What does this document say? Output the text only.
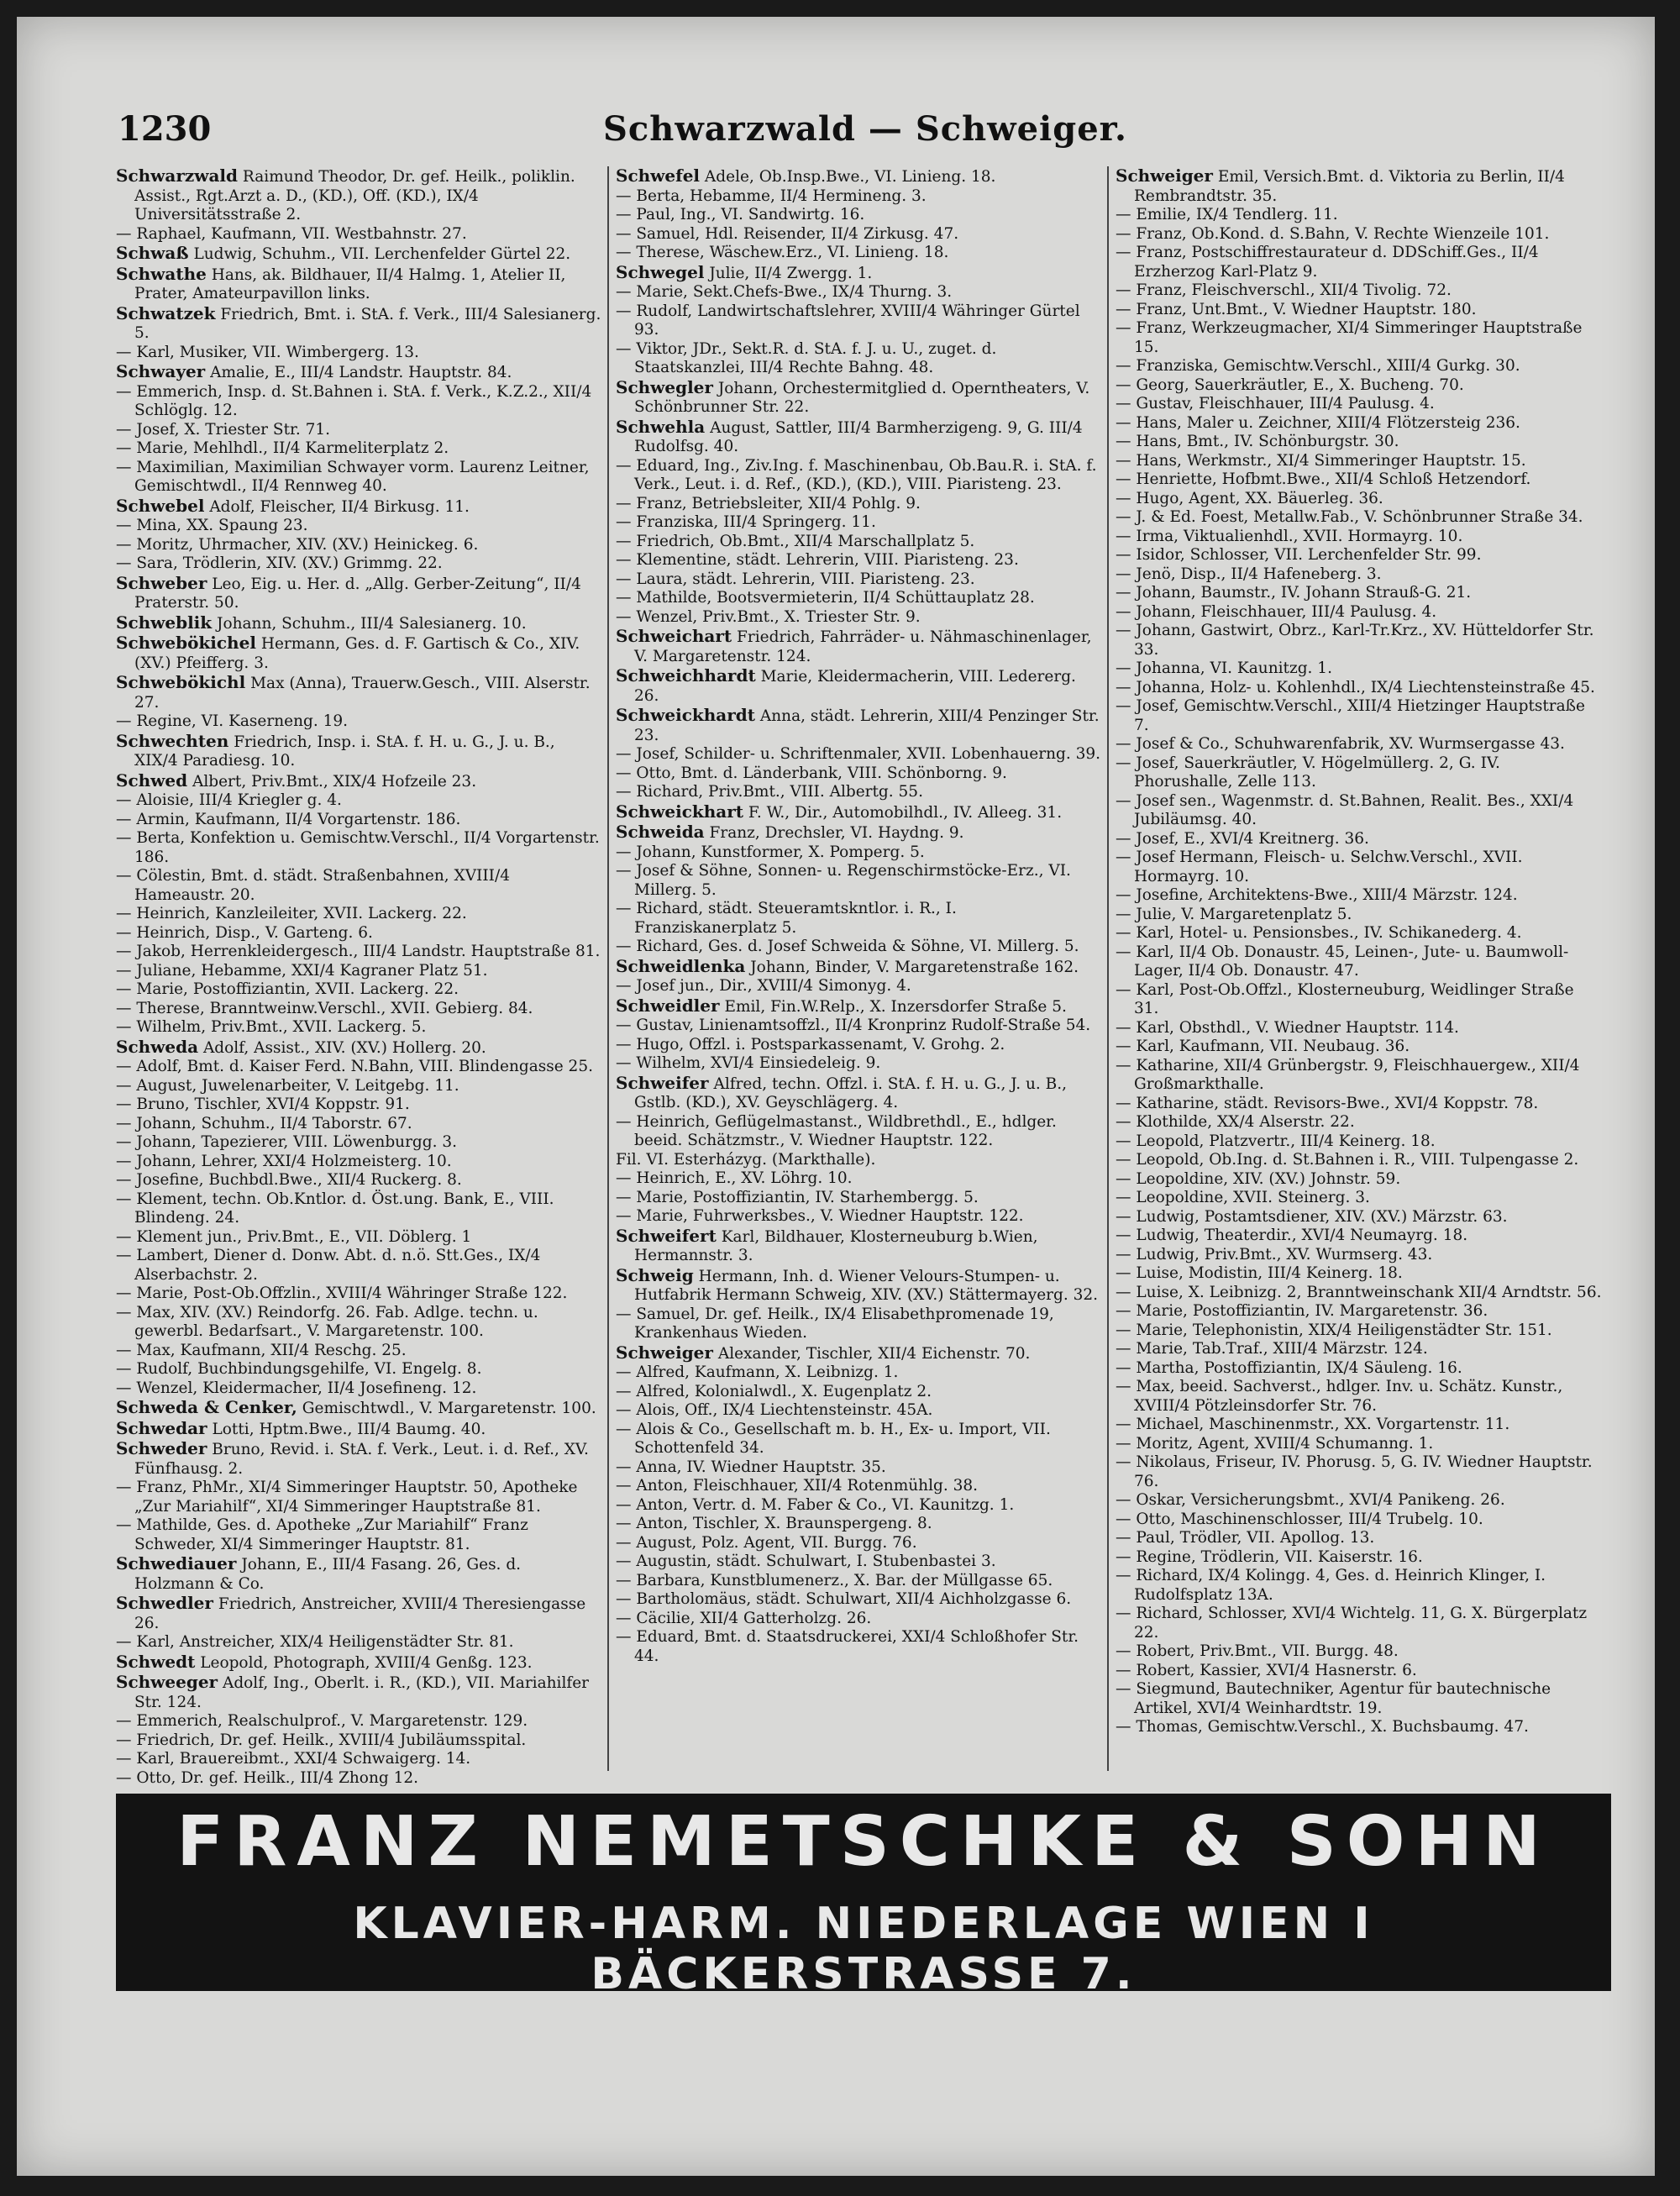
1230	Schwarzwald — Schweiger.

Schwarzwald Raimund Theodor, Dr. gef. Heilk., poliklin. Assist., Rgt.Arzt a. D., (KD.), Off. (KD.), IX/4 Universitätsstraße 2.

— Raphael, Kaufmann, VII. Westbahnstr. 27.

Schwaß Ludwig, Schuhm., VII. Lerchenfelder Gürtel 22.

Schwathe Hans, ak. Bildhauer, II/4 Halmg. 1, Atelier II, Prater, Amateurpavillon links.

Schwatzek Friedrich, Bmt. i. StA. f. Verk., III/4 Salesianerg. 5.

— Karl, Musiker, VII. Wimbergerg. 13.

Schwayer Amalie, E., III/4 Landstr. Hauptstr. 84.

— Emmerich, Insp. d. St.Bahnen i. StA. f. Verk., K.Z.2., XII/4 Schlöglg. 12.

— Josef, X. Triester Str. 71.

— Marie, Mehlhdl., II/4 Karmeliterplatz 2.

— Maximilian, Maximilian Schwayer vorm. Laurenz Leitner, Gemischtwdl., II/4 Rennweg 40.

Schwebel Adolf, Fleischer, II/4 Birkusg. 11.

— Mina, XX. Spaung 23.

— Moritz, Uhrmacher, XIV. (XV.) Heinickeg. 6.

— Sara, Trödlerin, XIV. (XV.) Grimmg. 22.

Schweber Leo, Eig. u. Her. d. „Allg. Gerber-Zeitung“, II/4 Praterstr. 50.

Schweblik Johann, Schuhm., III/4 Salesianerg. 10.

Schwebökichel Hermann, Ges. d. F. Gartisch & Co., XIV. (XV.) Pfeifferg. 3.

Schwebökichl Max (Anna), Trauerw.Gesch., VIII. Alserstr. 27.

— Regine, VI. Kaserneng. 19.

Schwechten Friedrich, Insp. i. StA. f. H. u. G., J. u. B., XIX/4 Paradiesg. 10.

Schwed Albert, Priv.Bmt., XIX/4 Hofzeile 23.

— Aloisie, III/4 Kriegler g. 4.

— Armin, Kaufmann, II/4 Vorgartenstr. 186.

— Berta, Konfektion u. Gemischtw.Verschl., II/4 Vorgartenstr. 186.

— Cölestin, Bmt. d. städt. Straßenbahnen, XVIII/4 Hameaustr. 20.

— Heinrich, Kanzleileiter, XVII. Lackerg. 22.

— Heinrich, Disp., V. Garteng. 6.

— Jakob, Herrenkleidergesch., III/4 Landstr. Hauptstraße 81.

— Juliane, Hebamme, XXI/4 Kagraner Platz 51.

— Marie, Postoffiziantin, XVII. Lackerg. 22.

— Therese, Branntweinw.Verschl., XVII. Gebierg. 84.

— Wilhelm, Priv.Bmt., XVII. Lackerg. 5.

Schweda Adolf, Assist., XIV. (XV.) Hollerg. 20.

— Adolf, Bmt. d. Kaiser Ferd. N.Bahn, VIII. Blindengasse 25.

— August, Juwelenarbeiter, V. Leitgebg. 11.

— Bruno, Tischler, XVI/4 Koppstr. 91.

— Johann, Schuhm., II/4 Taborstr. 67.

— Johann, Tapezierer, VIII. Löwenburgg. 3.

— Johann, Lehrer, XXI/4 Holzmeisterg. 10.

— Josefine, Buchbdl.Bwe., XII/4 Ruckerg. 8.

— Klement, techn. Ob.Kntlor. d. Öst.ung. Bank, E., VIII. Blindeng. 24.

— Klement jun., Priv.Bmt., E., VII. Döblerg. 1

— Lambert, Diener d. Donw. Abt. d. n.ö. Stt.Ges., IX/4 Alserbachstr. 2.

— Marie, Post-Ob.Offzlin., XVIII/4 Währinger Straße 122.

— Max, XIV. (XV.) Reindorfg. 26. Fab. Adlge. techn. u. gewerbl. Bedarfsart., V. Margaretenstr. 100.

— Max, Kaufmann, XII/4 Reschg. 25.

— Rudolf, Buchbindungsgehilfe, VI. Engelg. 8.

— Wenzel, Kleidermacher, II/4 Josefineng. 12.

Schweda & Cenker, Gemischtwdl., V. Margaretenstr. 100.

Schwedar Lotti, Hptm.Bwe., III/4 Baumg. 40.

Schweder Bruno, Revid. i. StA. f. Verk., Leut. i. d. Ref., XV. Fünfhausg. 2.

— Franz, PhMr., XI/4 Simmeringer Hauptstr. 50, Apotheke „Zur Mariahilf“, XI/4 Simmeringer Hauptstraße 81.

— Mathilde, Ges. d. Apotheke „Zur Mariahilf“ Franz Schweder, XI/4 Simmeringer Hauptstr. 81.

Schwediauer Johann, E., III/4 Fasang. 26, Ges. d. Holzmann & Co.

Schwedler Friedrich, Anstreicher, XVIII/4 Theresiengasse 26.

— Karl, Anstreicher, XIX/4 Heiligenstädter Str. 81.

Schwedt Leopold, Photograph, XVIII/4 Genßg. 123.

Schweeger Adolf, Ing., Oberlt. i. R., (KD.), VII. Mariahilfer Str. 124.

— Emmerich, Realschulprof., V. Margaretenstr. 129.

— Friedrich, Dr. gef. Heilk., XVIII/4 Jubiläumsspital.

— Karl, Brauereibmt., XXI/4 Schwaigerg. 14.

— Otto, Dr. gef. Heilk., III/4 Zhong 12.

Schwefel Adele, Ob.Insp.Bwe., VI. Linieng. 18.

— Berta, Hebamme, II/4 Hermineng. 3.

— Paul, Ing., VI. Sandwirtg. 16.

— Samuel, Hdl. Reisender, II/4 Zirkusg. 47.

— Therese, Wäschew.Erz., VI. Linieng. 18.

Schwegel Julie, II/4 Zwergg. 1.

— Marie, Sekt.Chefs-Bwe., IX/4 Thurng. 3.

— Rudolf, Landwirtschaftslehrer, XVIII/4 Währinger Gürtel 93.

— Viktor, JDr., Sekt.R. d. StA. f. J. u. U., zuget. d. Staatskanzlei, III/4 Rechte Bahng. 48.

Schwegler Johann, Orchestermitglied d. Operntheaters, V. Schönbrunner Str. 22.

Schwehla August, Sattler, III/4 Barmherzigeng. 9, G. III/4 Rudolfsg. 40.

— Eduard, Ing., Ziv.Ing. f. Maschinenbau, Ob.Bau.R. i. StA. f. Verk., Leut. i. d. Ref., (KD.), (KD.), VIII. Piaristeng. 23.

— Franz, Betriebsleiter, XII/4 Pohlg. 9.

— Franziska, III/4 Springerg. 11.

— Friedrich, Ob.Bmt., XII/4 Marschallplatz 5.

— Klementine, städt. Lehrerin, VIII. Piaristeng. 23.

— Laura, städt. Lehrerin, VIII. Piaristeng. 23.

— Mathilde, Bootsvermieterin, II/4 Schüttauplatz 28.

— Wenzel, Priv.Bmt., X. Triester Str. 9.

Schweichart Friedrich, Fahrräder- u. Nähmaschinenlager, V. Margaretenstr. 124.

Schweichhardt Marie, Kleidermacherin, VIII. Ledererg. 26.

Schweickhardt Anna, städt. Lehrerin, XIII/4 Penzinger Str. 23.

— Josef, Schilder- u. Schriftenmaler, XVII. Lobenhauerng. 39.

— Otto, Bmt. d. Länderbank, VIII. Schönborng. 9.

— Richard, Priv.Bmt., VIII. Albertg. 55.

Schweickhart F. W., Dir., Automobilhdl., IV. Alleeg. 31.

Schweida Franz, Drechsler, VI. Haydng. 9.

— Johann, Kunstformer, X. Pomperg. 5.

— Josef & Söhne, Sonnen- u. Regenschirmstöcke-Erz., VI. Millerg. 5.

— Richard, städt. Steueramtskntlor. i. R., I. Franziskanerplatz 5.

— Richard, Ges. d. Josef Schweida & Söhne, VI. Millerg. 5.

Schweidlenka Johann, Binder, V. Margaretenstraße 162.

— Josef jun., Dir., XVIII/4 Simonyg. 4.

Schweidler Emil, Fin.W.Relp., X. Inzersdorfer Straße 5.

— Gustav, Linienamtsoffzl., II/4 Kronprinz Rudolf-Straße 54.

— Hugo, Offzl. i. Postsparkassenamt, V. Grohg. 2.

— Wilhelm, XVI/4 Einsiedeleig. 9.

Schweifer Alfred, techn. Offzl. i. StA. f. H. u. G., J. u. B., Gstlb. (KD.), XV. Geyschlägerg. 4.

— Heinrich, Geflügelmastanst., Wildbrethdl., E., hdlger. beeid. Schätzmstr., V. Wiedner Hauptstr. 122.

Fil. VI. Esterházyg. (Markthalle).

— Heinrich, E., XV. Löhrg. 10.

— Marie, Postoffiziantin, IV. Starhembergg. 5.

— Marie, Fuhrwerksbes., V. Wiedner Hauptstr. 122.

Schweifert Karl, Bildhauer, Klosterneuburg b.Wien, Hermannstr. 3.

Schweig Hermann, Inh. d. Wiener Velours-Stumpen- u. Hutfabrik Hermann Schweig, XIV. (XV.) Stättermayerg. 32.

— Samuel, Dr. gef. Heilk., IX/4 Elisabethpromenade 19, Krankenhaus Wieden.

Schweiger Alexander, Tischler, XII/4 Eichenstr. 70.

— Alfred, Kaufmann, X. Leibnizg. 1.

— Alfred, Kolonialwdl., X. Eugenplatz 2.

— Alois, Off., IX/4 Liechtensteinstr. 45A.

— Alois & Co., Gesellschaft m. b. H., Ex- u. Import, VII. Schottenfeld 34.

— Anna, IV. Wiedner Hauptstr. 35.

— Anton, Fleischhauer, XII/4 Rotenmühlg. 38.

— Anton, Vertr. d. M. Faber & Co., VI. Kaunitzg. 1.

— Anton, Tischler, X. Braunspergeng. 8.

— August, Polz. Agent, VII. Burgg. 76.

— Augustin, städt. Schulwart, I. Stubenbastei 3.

— Barbara, Kunstblumenerz., X. Bar. der Müllgasse 65.

— Bartholomäus, städt. Schulwart, XII/4 Aichholzgasse 6.

— Cäcilie, XII/4 Gatterholzg. 26.

— Eduard, Bmt. d. Staatsdruckerei, XXI/4 Schloßhofer Str. 44.

Schweiger Emil, Versich.Bmt. d. Viktoria zu Berlin, II/4 Rembrandtstr. 35.

— Emilie, IX/4 Tendlerg. 11.

— Franz, Ob.Kond. d. S.Bahn, V. Rechte Wienzeile 101.

— Franz, Postschiffrestaurateur d. DDSchiff.Ges., II/4 Erzherzog Karl-Platz 9.

— Franz, Fleischverschl., XII/4 Tivolig. 72.

— Franz, Unt.Bmt., V. Wiedner Hauptstr. 180.

— Franz, Werkzeugmacher, XI/4 Simmeringer Hauptstraße 15.

— Franziska, Gemischtw.Verschl., XIII/4 Gurkg. 30.

— Georg, Sauerkräutler, E., X. Bucheng. 70.

— Gustav, Fleischhauer, III/4 Paulusg. 4.

— Hans, Maler u. Zeichner, XIII/4 Flötzersteig 236.

— Hans, Bmt., IV. Schönburgstr. 30.

— Hans, Werkmstr., XI/4 Simmeringer Hauptstr. 15.

— Henriette, Hofbmt.Bwe., XII/4 Schloß Hetzendorf.

— Hugo, Agent, XX. Bäuerleg. 36.

— J. & Ed. Foest, Metallw.Fab., V. Schönbrunner Straße 34.

— Irma, Viktualienhdl., XVII. Hormayrg. 10.

— Isidor, Schlosser, VII. Lerchenfelder Str. 99.

— Jenö, Disp., II/4 Hafeneberg. 3.

— Johann, Baumstr., IV. Johann Strauß-G. 21.

— Johann, Fleischhauer, III/4 Paulusg. 4.

— Johann, Gastwirt, Obrz., Karl-Tr.Krz., XV. Hütteldorfer Str. 33.

— Johanna, VI. Kaunitzg. 1.

— Johanna, Holz- u. Kohlenhdl., IX/4 Liechtensteinstraße 45.

— Josef, Gemischtw.Verschl., XIII/4 Hietzinger Hauptstraße 7.

— Josef & Co., Schuhwarenfabrik, XV. Wurmsergasse 43.

— Josef, Sauerkräutler, V. Högelmüllerg. 2, G. IV. Phorushalle, Zelle 113.

— Josef sen., Wagenmstr. d. St.Bahnen, Realit. Bes., XXI/4 Jubiläumsg. 40.

— Josef, E., XVI/4 Kreitnerg. 36.

— Josef Hermann, Fleisch- u. Selchw.Verschl., XVII. Hormayrg. 10.

— Josefine, Architektens-Bwe., XIII/4 Märzstr. 124.

— Julie, V. Margaretenplatz 5.

— Karl, Hotel- u. Pensionsbes., IV. Schikanederg. 4.

— Karl, II/4 Ob. Donaustr. 45, Leinen-, Jute- u. Baumwoll-Lager, II/4 Ob. Donaustr. 47.

— Karl, Post-Ob.Offzl., Klosterneuburg, Weidlinger Straße 31.

— Karl, Obsthdl., V. Wiedner Hauptstr. 114.

— Karl, Kaufmann, VII. Neubaug. 36.

— Katharine, XII/4 Grünbergstr. 9, Fleischhauergew., XII/4 Großmarkthalle.

— Katharine, städt. Revisors-Bwe., XVI/4 Koppstr. 78.

— Klothilde, XX/4 Alserstr. 22.

— Leopold, Platzvertr., III/4 Keinerg. 18.

— Leopold, Ob.Ing. d. St.Bahnen i. R., VIII. Tulpengasse 2.

— Leopoldine, XIV. (XV.) Johnstr. 59.

— Leopoldine, XVII. Steinerg. 3.

— Ludwig, Postamtsdiener, XIV. (XV.) Märzstr. 63.

— Ludwig, Theaterdir., XVI/4 Neumayrg. 18.

— Ludwig, Priv.Bmt., XV. Wurmserg. 43.

— Luise, Modistin, III/4 Keinerg. 18.

— Luise, X. Leibnizg. 2, Branntweinschank XII/4 Arndtstr. 56.

— Marie, Postoffiziantin, IV. Margaretenstr. 36.

— Marie, Telephonistin, XIX/4 Heiligenstädter Str. 151.

— Marie, Tab.Traf., XIII/4 Märzstr. 124.

— Martha, Postoffiziantin, IX/4 Säuleng. 16.

— Max, beeid. Sachverst., hdlger. Inv. u. Schätz. Kunstr., XVIII/4 Pötzleinsdorfer Str. 76.

— Michael, Maschinenmstr., XX. Vorgartenstr. 11.

— Moritz, Agent, XVIII/4 Schumanng. 1.

— Nikolaus, Friseur, IV. Phorusg. 5, G. IV. Wiedner Hauptstr. 76.

— Oskar, Versicherungsbmt., XVI/4 Panikeng. 26.

— Otto, Maschinenschlosser, III/4 Trubelg. 10.

— Paul, Trödler, VII. Apollog. 13.

— Regine, Trödlerin, VII. Kaiserstr. 16.

— Richard, IX/4 Kolingg. 4, Ges. d. Heinrich Klinger, I. Rudolfsplatz 13A.

— Richard, Schlosser, XVI/4 Wichtelg. 11, G. X. Bürgerplatz 22.

— Robert, Priv.Bmt., VII. Burgg. 48.

— Robert, Kassier, XVI/4 Hasnerstr. 6.

— Siegmund, Bautechniker, Agentur für bautechnische Artikel, XVI/4 Weinhardtstr. 19.

— Thomas, Gemischtw.Verschl., X. Buchsbaumg. 47.

FRANZ NEMETSCHKE & SOHN
KLAVIER-HARM. NIEDERLAGE WIEN I BÄCKERSTRASSE 7.
